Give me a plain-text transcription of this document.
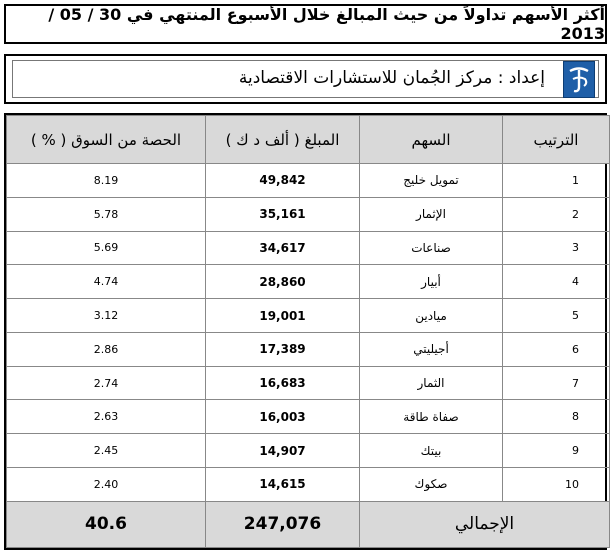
أكثر الأسهم تداولاً من حيث المبالغ خلال الأسبوع المنتهي في 30 / 05 / 2013
إعداد : مركز الجُمان للاستشارات الاقتصادية
الترتيب	السهم	المبلغ ( ألف د ك )	الحصة من السوق ( % )
1	تمويل خليج	49,842	8.19
2	الإثمار	35,161	5.78
3	صناعات	34,617	5.69
4	أبيار	28,860	4.74
5	ميادين	19,001	3.12
6	أجيليتي	17,389	2.86
7	الثمار	16,683	2.74
8	صفاة طاقة	16,003	2.63
9	بيتك	14,907	2.45
10	صكوك	14,615	2.40
الإجمالي		247,076	40.6
